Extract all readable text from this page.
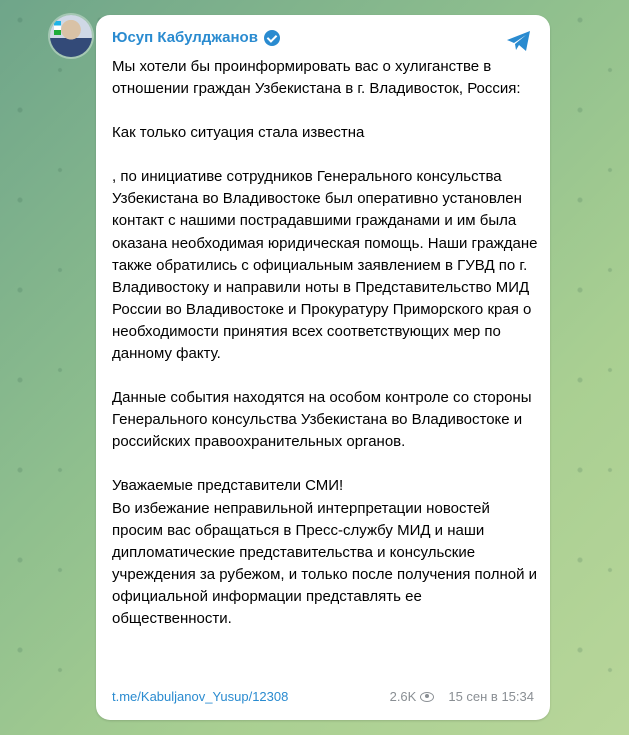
Юсуп Кабулджанов

Мы хотели бы проинформировать вас о хулиганстве в отношении граждан Узбекистана в г. Владивосток, Россия:

Как только ситуация стала известна

, по инициативе сотрудников Генерального консульства Узбекистана во Владивостоке был оперативно установлен контакт с нашими пострадавшими гражданами и им была оказана необходимая юридическая помощь. Наши граждане также обратились с официальным заявлением в ГУВД по г. Владивостоку и направили ноты в Представительство МИД России во Владивостоке и Прокуратуру Приморского края о необходимости принятия всех соответствующих мер по данному факту.

Данные события находятся на особом контроле со стороны Генерального консульства Узбекистана во Владивостоке и российских правоохранительных органов.

Уважаемые представители СМИ!

Во избежание неправильной интерпретации новостей просим вас обращаться в Пресс-службу МИД и наши дипломатические представительства и консульские учреждения за рубежом, и только после получения полной и официальной информации представлять ее общественности.

t.me/Kabuljanov_Yusup/12308	2.6K 15 сен в 15:34
